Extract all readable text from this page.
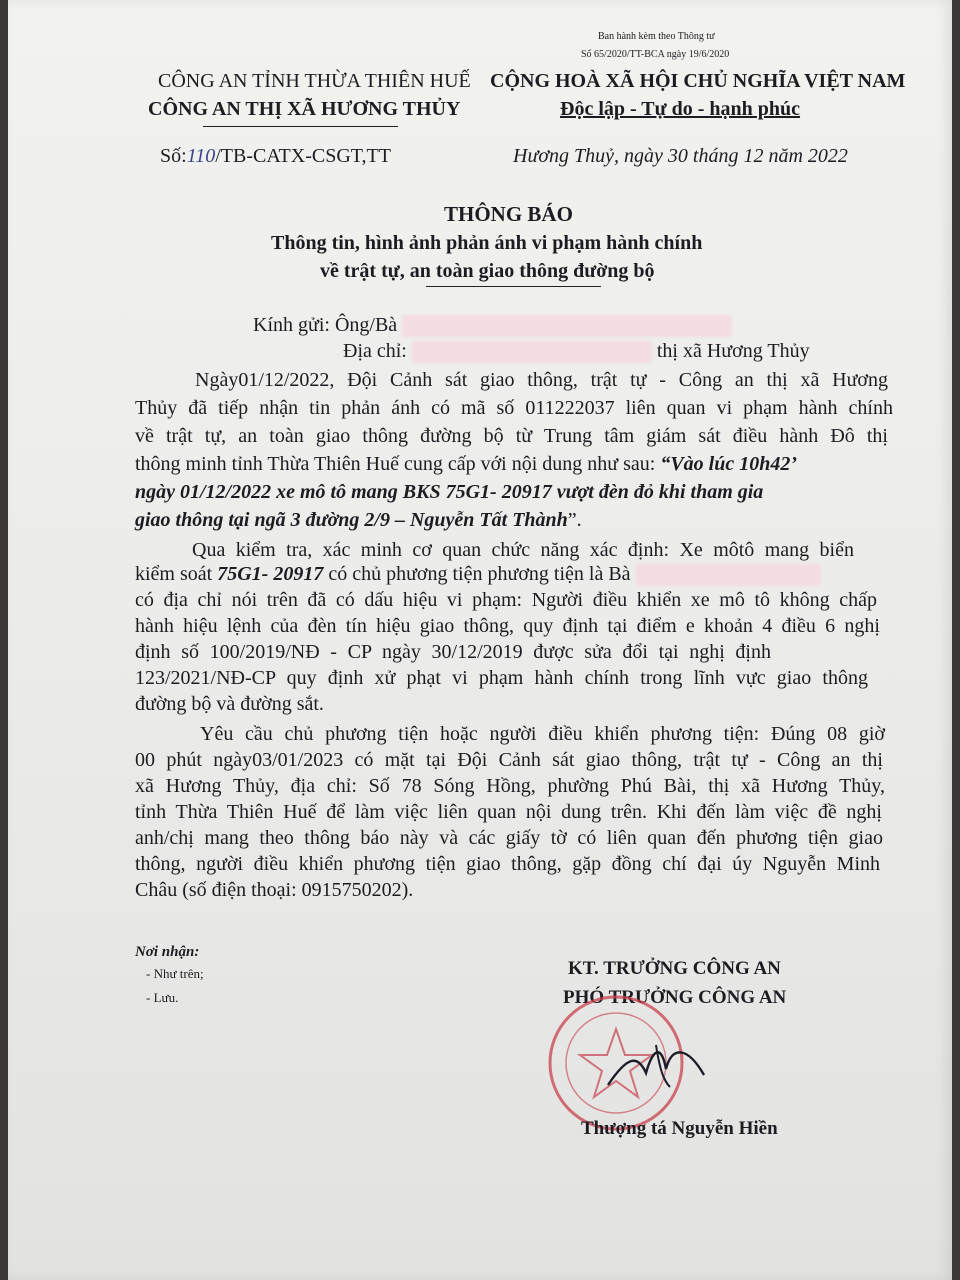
Ban hành kèm theo Thông tư
Số 65/2020/TT-BCA ngày 19/6/2020
CÔNG AN TỈNH THỪA THIÊN HUẾ
CÔNG AN THỊ XÃ HƯƠNG THỦY
CỘNG HOÀ XÃ HỘI CHỦ NGHĨA VIỆT NAM
Độc lập - Tự do - hạnh phúc
Số:110/TB-CATX-CSGT,TT	Hương Thuỷ, ngày 30 tháng 12 năm 2022
THÔNG BÁO
Thông tin, hình ảnh phản ánh vi phạm hành chính
về trật tự, an toàn giao thông đường bộ
Kính gửi: Ông/Bà
Địa chỉ:	thị xã Hương Thủy
Ngày01/12/2022, Đội Cảnh sát giao thông, trật tự - Công an thị xã Hương
Thủy đã tiếp nhận tin phản ánh có mã số 011222037 liên quan vi phạm hành chính
về trật tự, an toàn giao thông đường bộ từ Trung tâm giám sát điều hành Đô thị
thông minh tỉnh Thừa Thiên Huế cung cấp với nội dung như sau: “Vào lúc 10h42’
ngày 01/12/2022 xe mô tô mang BKS 75G1- 20917 vượt đèn đỏ khi tham gia
giao thông tại ngã 3 đường 2/9 – Nguyễn Tất Thành”.
Qua kiểm tra, xác minh cơ quan chức năng xác định: Xe môtô mang biển
kiểm soát 75G1- 20917 có chủ phương tiện phương tiện là Bà
có địa chỉ nói trên đã có dấu hiệu vi phạm: Người điều khiển xe mô tô không chấp
hành hiệu lệnh của đèn tín hiệu giao thông, quy định tại điểm e khoản 4 điều 6 nghị
định số 100/2019/NĐ - CP ngày 30/12/2019 được sửa đổi tại nghị định
123/2021/NĐ-CP quy định xử phạt vi phạm hành chính trong lĩnh vực giao thông
đường bộ và đường sắt.
Yêu cầu chủ phương tiện hoặc người điều khiển phương tiện: Đúng 08 giờ
00 phút ngày03/01/2023 có mặt tại Đội Cảnh sát giao thông, trật tự - Công an thị
xã Hương Thủy, địa chỉ: Số 78 Sóng Hồng, phường Phú Bài, thị xã Hương Thủy,
tỉnh Thừa Thiên Huế để làm việc liên quan nội dung trên. Khi đến làm việc đề nghị
anh/chị mang theo thông báo này và các giấy tờ có liên quan đến phương tiện giao
thông, người điều khiển phương tiện giao thông, gặp đồng chí đại úy Nguyễn Minh
Châu (số điện thoại: 0915750202).
Nơi nhận:
- Như trên;
- Lưu.
KT. TRƯỞNG CÔNG AN
PHÓ TRƯỞNG CÔNG AN
Thượng tá Nguyễn Hiền
